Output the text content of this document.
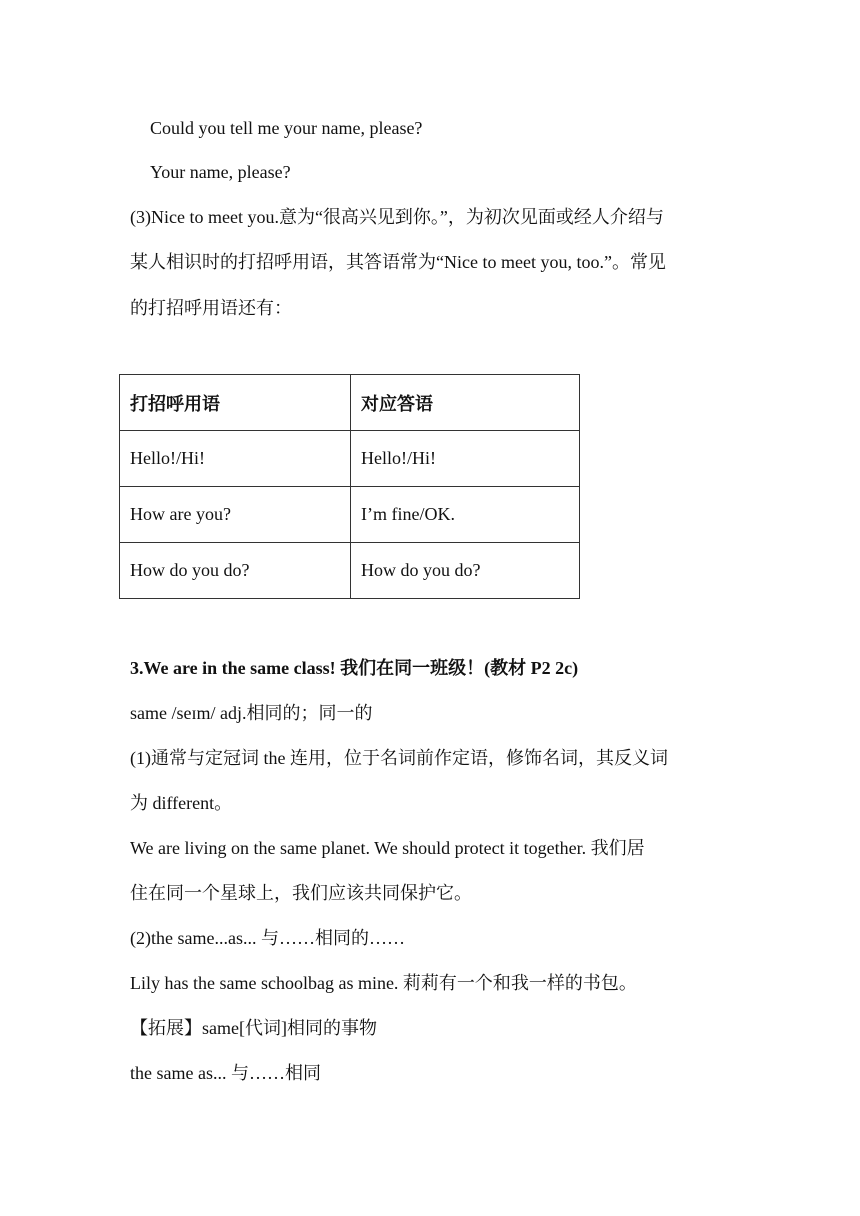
Could you tell me your name, please?
Your name, please?
(3)Nice to meet you.意为“很高兴见到你。”，为初次见面或经人介绍与
某人相识时的打招呼用语，其答语常为“Nice to meet you, too.”。常见
的打招呼用语还有：
打招呼用语	对应答语
Hello!/Hi!	Hello!/Hi!
How are you?	I’m fine/OK.
How do you do?	How do you do?
3.We are in the same class! 我们在同一班级！(教材 P2 2c)
same /seɪm/ adj.相同的；同一的
(1)通常与定冠词 the 连用，位于名词前作定语，修饰名词，其反义词
为 different。
We are living on the same planet. We should protect it together. 我们居
住在同一个星球上，我们应该共同保护它。
(2)the same...as... 与……相同的……
Lily has the same schoolbag as mine. 莉莉有一个和我一样的书包。
【拓展】same[代词]相同的事物
the same as... 与……相同
